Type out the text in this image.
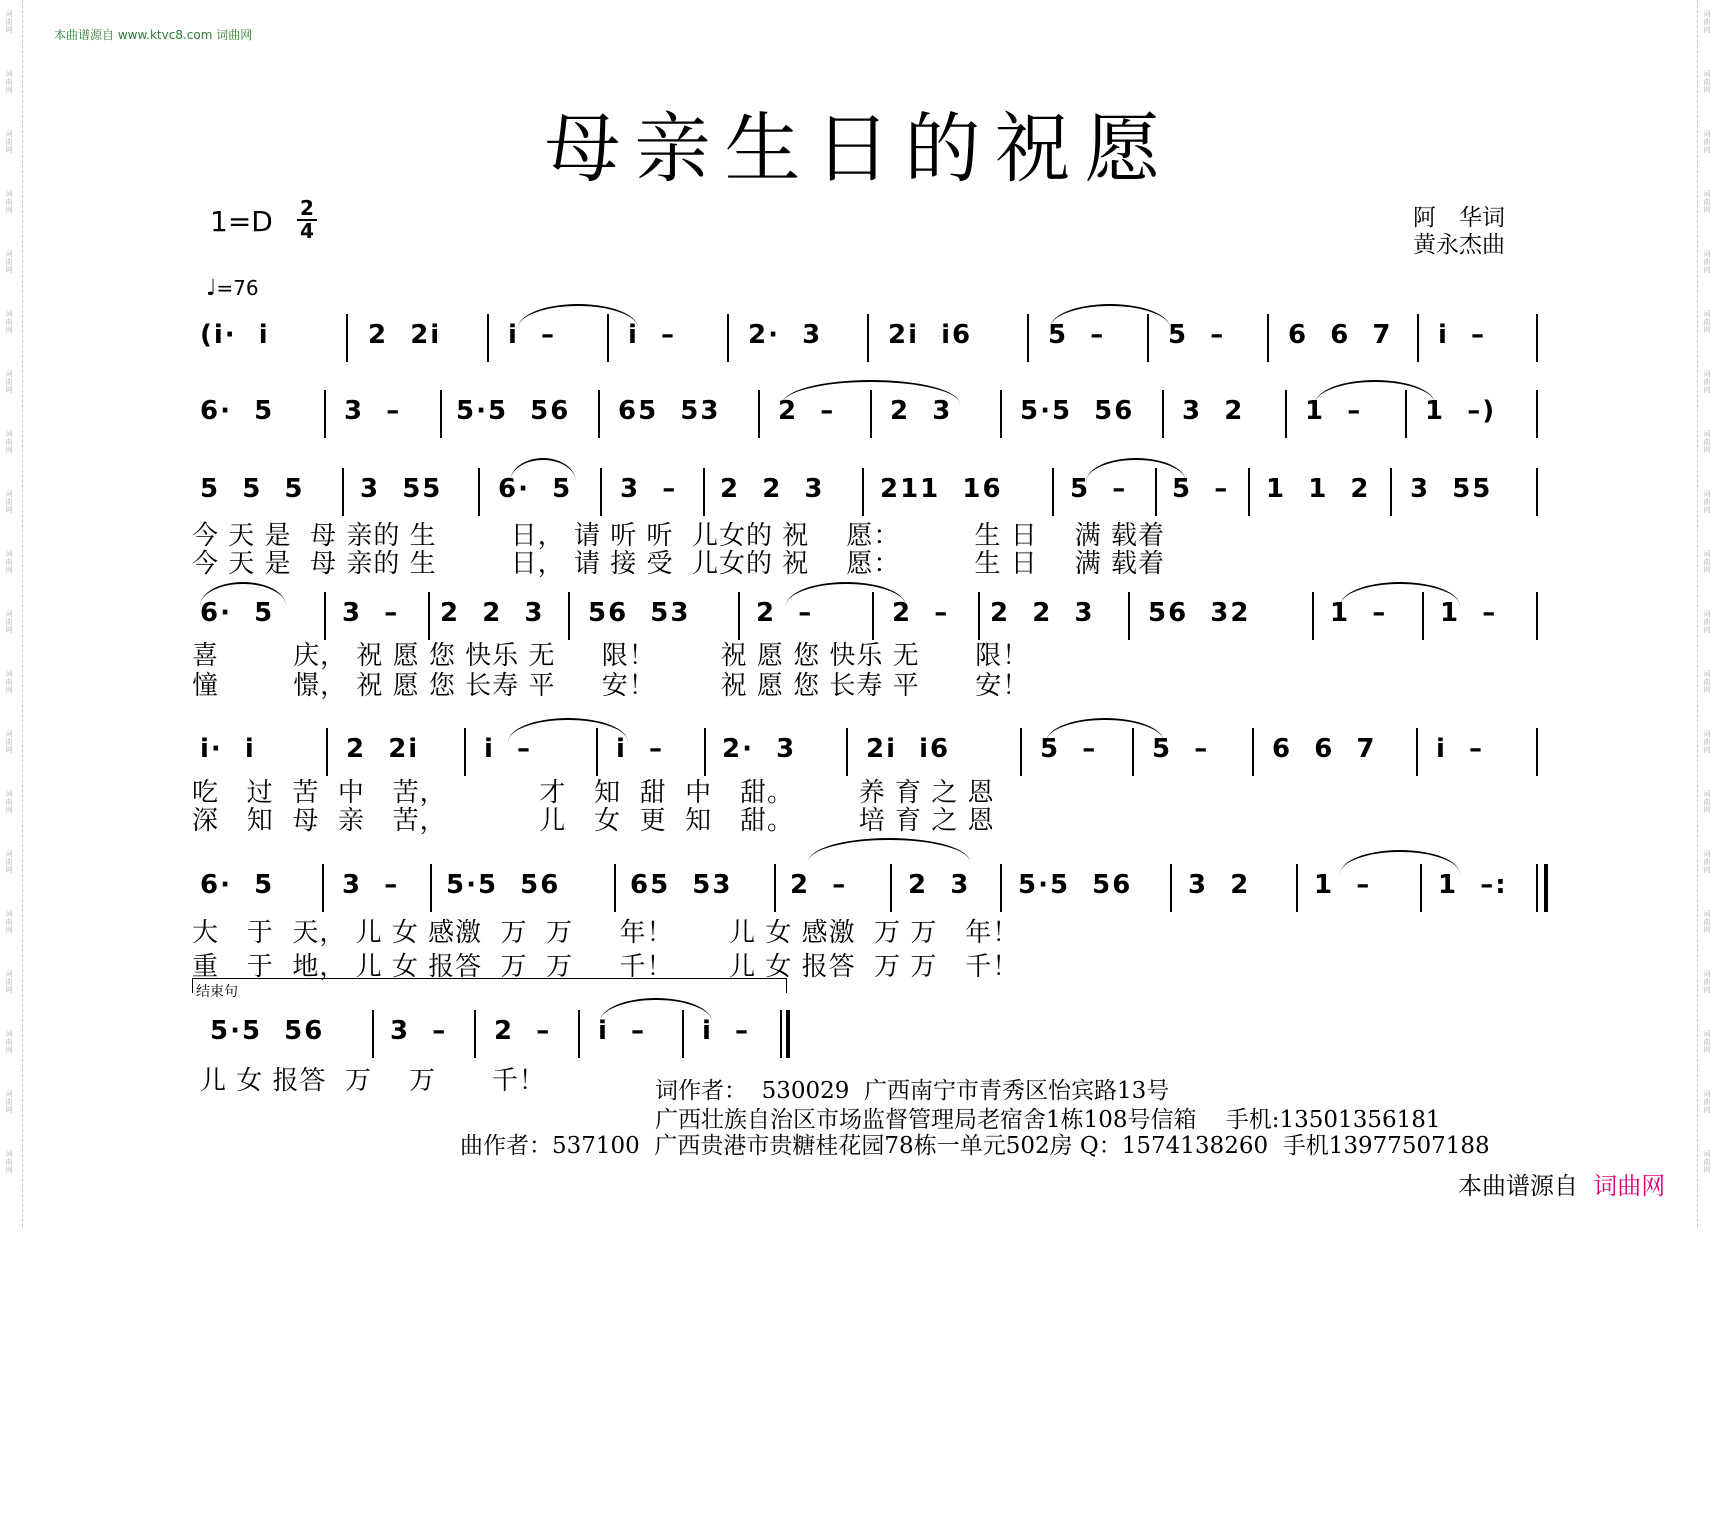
词曲网
词曲网
词曲网
词曲网
词曲网
词曲网
词曲网
词曲网
词曲网
词曲网
词曲网
词曲网
词曲网
词曲网
词曲网
词曲网
词曲网
词曲网
词曲网
词曲网
词曲网
词曲网
词曲网
词曲网
词曲网
词曲网
词曲网
词曲网
词曲网
词曲网
词曲网
词曲网
词曲网
词曲网
词曲网
词曲网
词曲网
词曲网
词曲网
词曲网
本曲谱源自 www.ktvc8.com 词曲网
母亲生日的祝愿
1=D 2
4	阿　华词
黄永杰曲
♩=76

(i·  i

	2  2i

	i  –

	i  –

	2·  3

	2i  i6

	5  –

5  –

6  6  7

i  –

6·  5

	3  –

5·5  56

65  53

2  –

2  3

	5·5  56

3  2

1  –

1  –)

5  5  5

3  55

6·  5

3  –

2  2  3

211  16

	5  –

5  –

1  1  2

3  55

今 天 是  母 亲的 生        日， 请 听 听  儿女的 祝    愿：        生 日    满 载着
今 天 是  母 亲的 生        日， 请 接 受  儿女的 祝    愿：        生 日    满 载着

6·  5

	3  –

2  2  3

56  53

	2  –

	2  –

2  2  3

56  32

	1  –

1  –

喜        庆， 祝 愿 您 快乐 无     限！       祝 愿 您 快乐 无      限！
憧        憬， 祝 愿 您 长寿 平     安！       祝 愿 您 长寿 平      安！

i·  i

	2  2i

i  –

	i  –

2·  3

	2i  i6

	5  –

5  –

6  6  7

i  –

吃   过  苦  中   苦，          才   知  甜  中   甜。       养 育 之 恩
深   知  母  亲   苦，          儿   女  更  知   甜。       培 育 之 恩

6·  5

	3  –

5·5  56

	65  53

2  –

2  3

5·5  56

3  2

1  –

	1  –:

大   于  天， 儿 女 感激  万  万     年！      儿 女 感激  万 万   年！
重   于  地， 儿 女 报答  万  万     千！      儿 女 报答  万 万   千！
结束句

5·5  56

	3  –

2  –

i  –

i  –

儿 女 报答  万    万      千！	词作者：  530029  广西南宁市青秀区怡宾路13号
广西壮族自治区市场监督管理局老宿舍1栋108号信箱    手机:13501356181
曲作者：537100  广西贵港市贵糖桂花园78栋一单元502房 Q：1574138260  手机13977507188
本曲谱源自 词曲网
